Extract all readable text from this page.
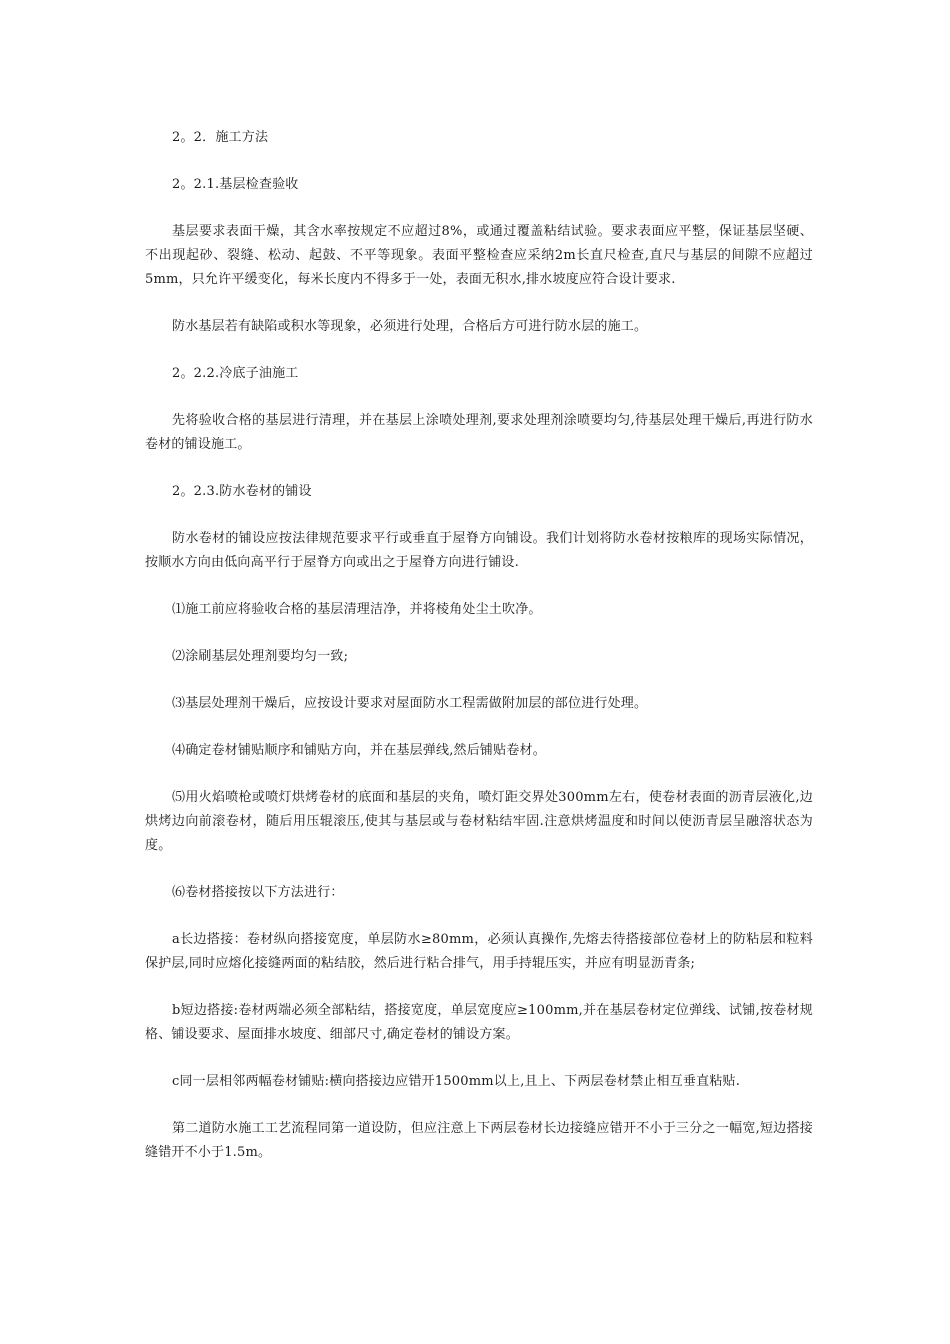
2。2．施工方法

2。2.1.基层检查验收

基层要求表面干燥，其含水率按规定不应超过8%，或通过覆盖粘结试验。要求表面应平整，保证基层坚硬、不出现起砂、裂缝、松动、起鼓、不平等现象。表面平整检查应采纳2m长直尺检查,直尺与基层的间隙不应超过5mm，只允许平缓变化，每米长度内不得多于一处，表面无积水,排水坡度应符合设计要求.

防水基层若有缺陷或积水等现象，必须进行处理，合格后方可进行防水层的施工。

2。2.2.冷底子油施工

先将验收合格的基层进行清理，并在基层上涂喷处理剂,要求处理剂涂喷要均匀,待基层处理干燥后,再进行防水卷材的铺设施工。

2。2.3.防水卷材的铺设

防水卷材的铺设应按法律规范要求平行或垂直于屋脊方向铺设。我们计划将防水卷材按粮库的现场实际情况，按顺水方向由低向高平行于屋脊方向或出之于屋脊方向进行铺设.

⑴施工前应将验收合格的基层清理洁净，并将棱角处尘土吹净。

⑵涂刷基层处理剂要均匀一致;

⑶基层处理剂干燥后，应按设计要求对屋面防水工程需做附加层的部位进行处理。

⑷确定卷材铺贴顺序和铺贴方向，并在基层弹线,然后铺贴卷材。

⑸用火焰喷枪或喷灯烘烤卷材的底面和基层的夹角，喷灯距交界处300mm左右，使卷材表面的沥青层液化,边烘烤边向前滚卷材，随后用压辊滚压,使其与基层或与卷材粘结牢固.注意烘烤温度和时间以使沥青层呈融溶状态为度。

⑹卷材搭接按以下方法进行：

a长边搭接：卷材纵向搭接宽度，单层防水≥80mm，必须认真操作,先熔去待搭接部位卷材上的防粘层和粒料保护层,同时应熔化接缝两面的粘结胶，然后进行粘合排气，用手持辊压实，并应有明显沥青条;

b短边搭接:卷材两端必须全部粘结，搭接宽度，单层宽度应≥100mm,并在基层卷材定位弹线、试铺,按卷材规格、铺设要求、屋面排水坡度、细部尺寸,确定卷材的铺设方案。

c同一层相邻两幅卷材铺贴:横向搭接边应错开1500mm以上,且上、下两层卷材禁止相互垂直粘贴.

第二道防水施工工艺流程同第一道设防，但应注意上下两层卷材长边接缝应错开不小于三分之一幅宽,短边搭接缝错开不小于1.5m。
